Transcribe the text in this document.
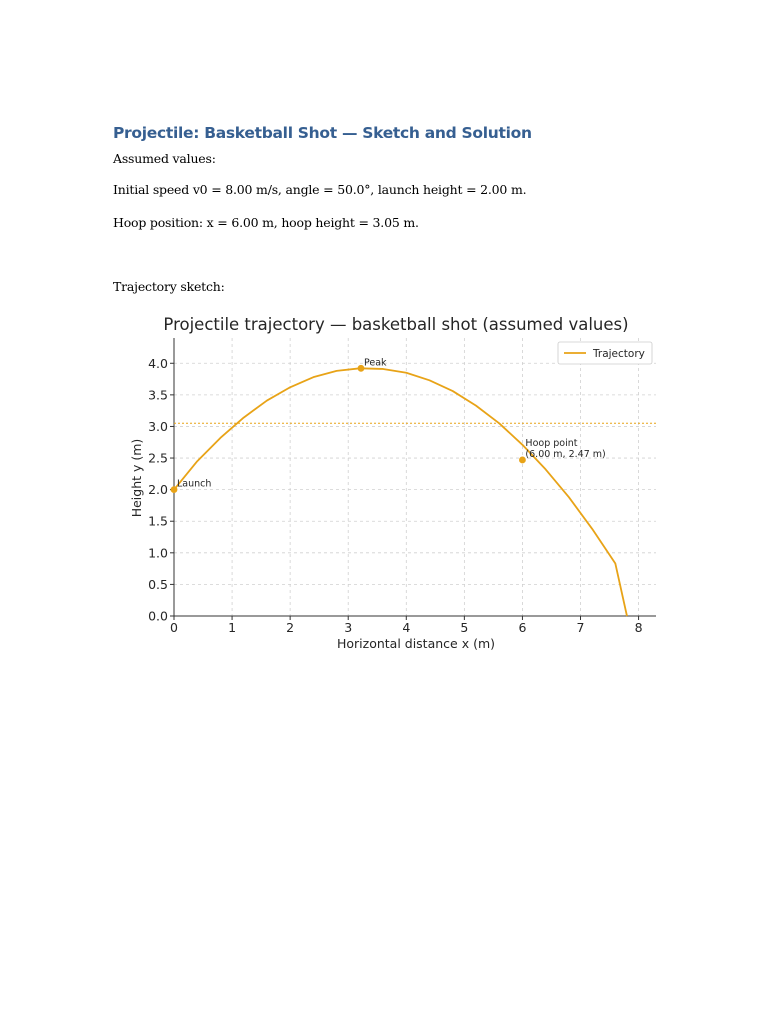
Projectile: Basketball Shot — Sketch and Solution

Assumed values:

Initial speed v0 = 8.00 m/s, angle = 50.0°, launch height = 2.00 m.

Hoop position: x = 6.00 m, hoop height = 3.05 m.

Trajectory sketch:

Projectile trajectory — basketball shot (assumed values)
0	1	2	3	4	5	6	7	8
0.0
0.5
1.0
1.5
2.0
2.5
3.0
3.5
4.0
Launch
Peak
Hoop point
(6.00 m, 2.47 m)
Horizontal distance x (m)
Height y (m)
Trajectory
